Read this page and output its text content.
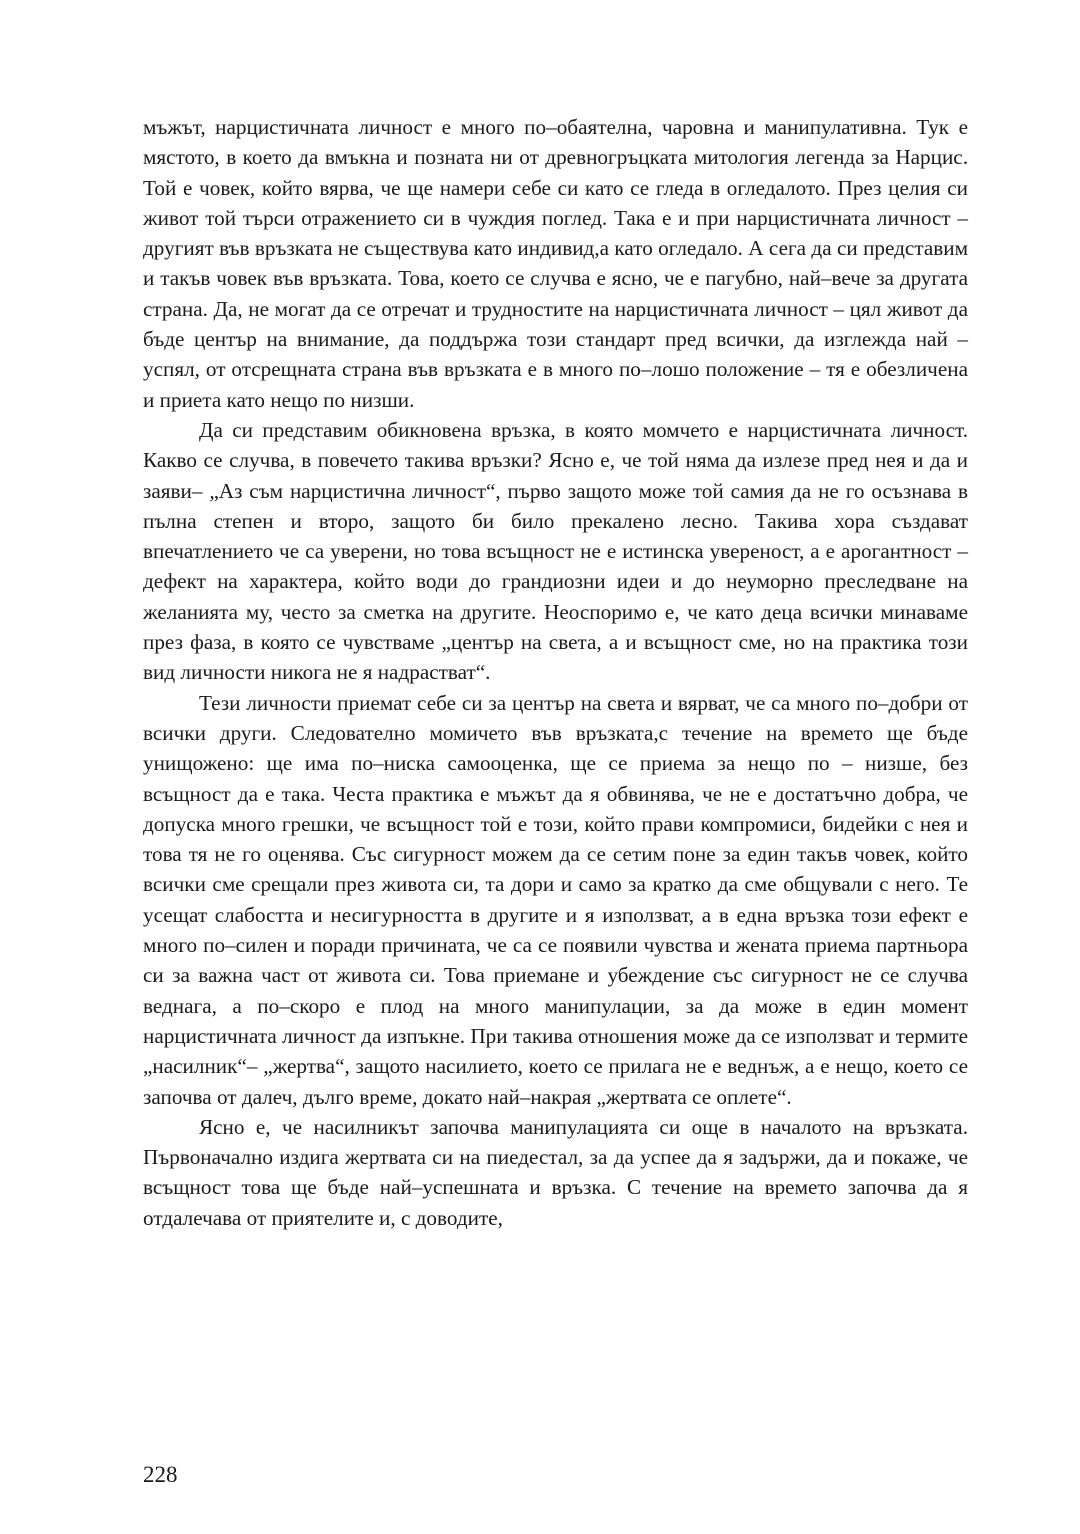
мъжът, нарцистичната личност е много по–обаятелна, чаровна и манипулативна. Тук е мястото, в което да вмъкна и позната ни от древногръцката митология легенда за Нарцис. Той е човек, който вярва, че ще намери себе си като се гледа в огледалото. През целия си живот той търси отражението си в чуждия поглед. Така е и при нарцистичната личност – другият във връзката не съществува като индивид,а като огледало. А сега да си представим и такъв човек във връзката. Това, което се случва е ясно, че е пагубно, най–вече за другата страна. Да, не могат да се отречат и трудностите на нарцистичната личност – цял живот да бъде център на внимание, да поддържа този стандарт пред всички, да изглежда най – успял, от отсрещната страна във връзката е в много по–лошо положение – тя е обезличена и приета като нещо по низши.

Да си представим обикновена връзка, в която момчето е нарцистичната личност. Какво се случва, в повечето такива връзки? Ясно е, че той няма да излезе пред нея и да и заяви– „Аз съм нарцистична личност“, първо защото може той самия да не го осъзнава в пълна степен и второ, защото би било прекалено лесно. Такива хора създават впечатлението че са уверени, но това всъщност не е истинска увереност, а е арогантност – дефект на характера, който води до грандиозни идеи и до неуморно преследване на желанията му, често за сметка на другите. Неоспоримо е, че като деца всички минаваме през фаза, в която се чувстваме „център на света, а и всъщност сме, но на практика този вид личности никога не я надрастват“.

Тези личности приемат себе си за център на света и вярват, че са много по–добри от всички други. Следователно момичето във връзката,с течение на времето ще бъде унищожено: ще има по–ниска самооценка, ще се приема за нещо по – низше, без всъщност да е така. Честа практика е мъжът да я обвинява, че не е достатъчно добра, че допуска много грешки, че всъщност той е този, който прави компромиси, бидейки с нея и това тя не го оценява. Със сигурност можем да се сетим поне за един такъв човек, който всички сме срещали през живота си, та дори и само за кратко да сме общували с него. Те усещат слабостта и несигурността в другите и я използват, а в една връзка този ефект е много по–силен и поради причината, че са се появили чувства и жената приема партньора си за важна част от живота си. Това приемане и убеждение със сигурност не се случва веднага, а по–скоро е плод на много манипулации, за да може в един момент нарцистичната личност да изпъкне. При такива отношения може да се използват и термите „насилник“– „жертва“, защото насилието, което се прилага не е веднъж, а е нещо, което се започва от далеч, дълго време, докато най–накрая „жертвата се оплете“.

Ясно е, че насилникът започва манипулацията си още в началото на връзката. Първоначално издига жертвата си на пиедестал, за да успее да я задържи, да и покаже, че всъщност това ще бъде най–успешната и връзка. С течение на времето започва да я отдалечава от приятелите и, с доводите,

228
